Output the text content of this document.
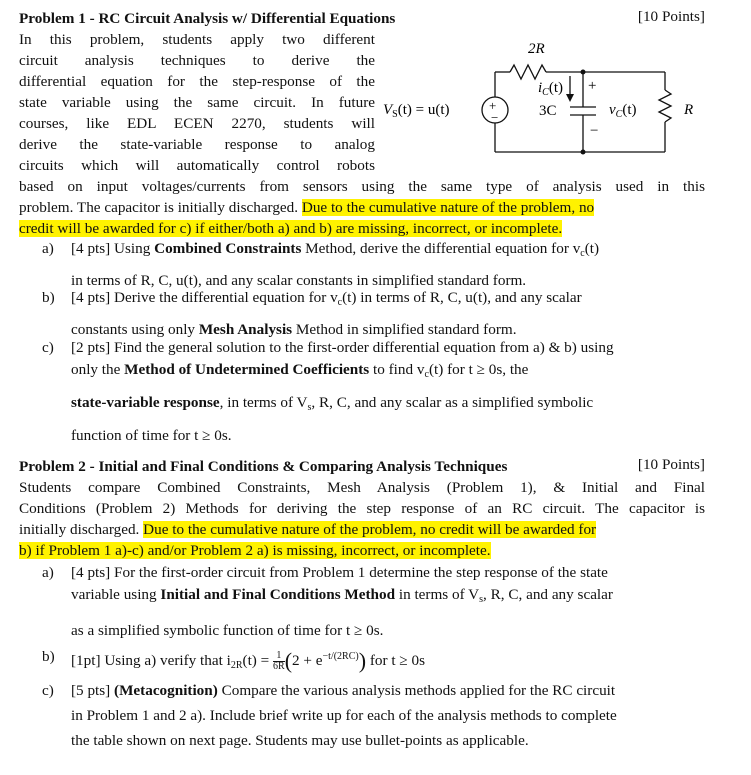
Problem 1 - RC Circuit Analysis w/ Differential Equations	[10 Points]
In this problem, students apply two different
circuit analysis techniques to derive the
differential equation for the step-response of the
state variable using the same circuit. In future
courses, like EDL ECEN 2270, students will
derive the state-variable response to analog
circuits which will automatically control robots
based on input voltages/currents from sensors using the same type of analysis used in this
problem. The capacitor is initially discharged. Due to the cumulative nature of the problem, no
credit will be awarded for c) if either/both a) and b) are missing, incorrect, or incomplete.
+
−
2R
$i_C(t)$
3C
+
−
$v_C(t)$	R
$V_S(t) = u(t)$
a) [4 pts] Using Combined Constraints Method, derive the differential equation for $v_c(t)$
in terms of R, C, u(t), and any scalar constants in simplified standard form.
b) [4 pts] Derive the differential equation for $v_c(t)$ in terms of R, C, u(t), and any scalar
constants using only Mesh Analysis Method in simplified standard form.
c) [2 pts] Find the general solution to the first-order differential equation from a) & b) using
only the Method of Undetermined Coefficients to find $v_c(t)$ for t ≥ 0s, the
state-variable response, in terms of $V_s$, R, C, and any scalar as a simplified symbolic
function of time for t ≥ 0s.
Problem 2 - Initial and Final Conditions & Comparing Analysis Techniques	[10 Points]
Students compare Combined Constraints, Mesh Analysis (Problem 1), & Initial and Final
Conditions (Problem 2) Methods for deriving the step response of an RC circuit. The capacitor is
initially discharged. Due to the cumulative nature of the problem, no credit will be awarded for
b) if Problem 1 a)-c) and/or Problem 2 a) is missing, incorrect, or incomplete.
a) [4 pts] For the first-order circuit from Problem 1 determine the step response of the state
variable using Initial and Final Conditions Method in terms of $V_s$, R, C, and any scalar
as a simplified symbolic function of time for t ≥ 0s.
b) [1pt] Using a) verify that $i_{2R}(t) = \frac{1}{6R} (2 + e^{-t/(2RC)})$ for t ≥ 0s
c) [5 pts] (Metacognition) Compare the various analysis methods applied for the RC circuit
in Problem 1 and 2 a). Include brief write up for each of the analysis methods to complete
the table shown on next page. Students may use bullet-points as applicable.
